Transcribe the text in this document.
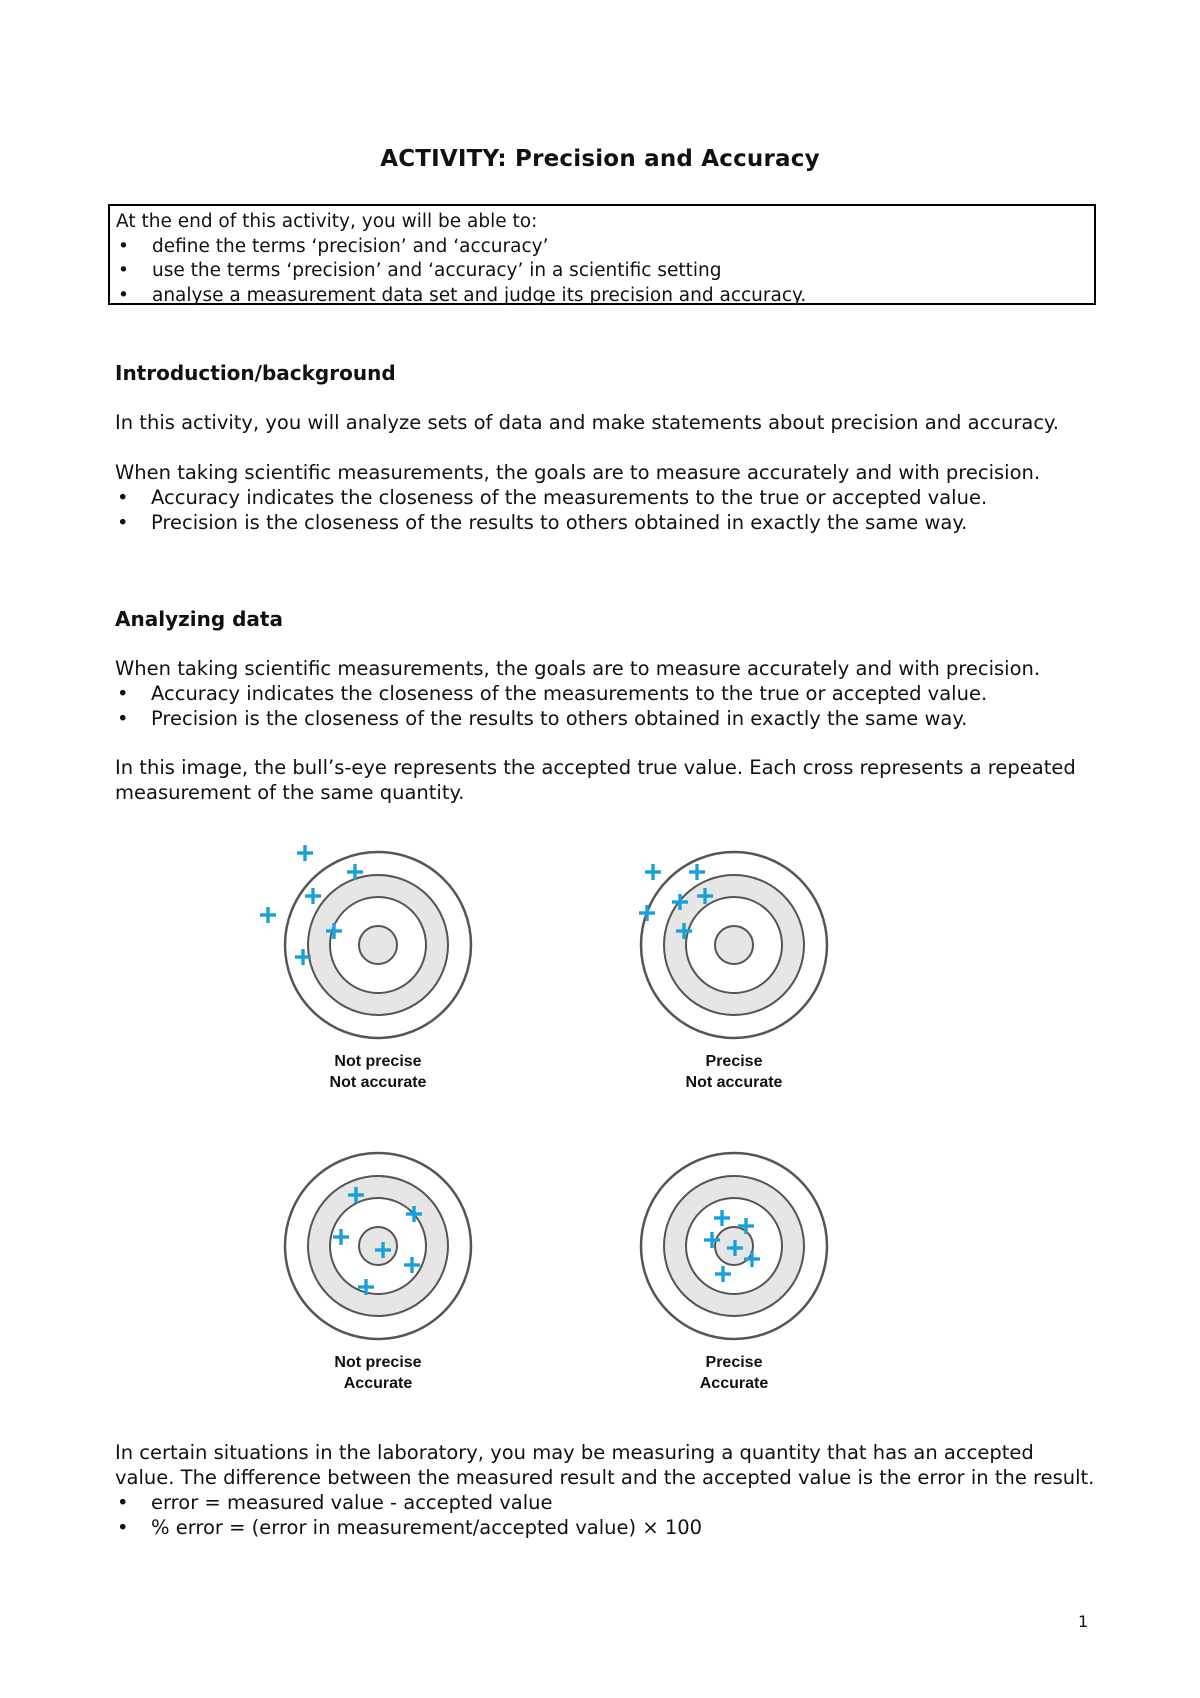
ACTIVITY: Precision and Accuracy

At the end of this activity, you will be able to:

• define the terms ‘precision’ and ‘accuracy’
• use the terms ‘precision’ and ‘accuracy’ in a scientific setting
• analyse a measurement data set and judge its precision and accuracy.

Introduction/background

In this activity, you will analyze sets of data and make statements about precision and accuracy.

When taking scientific measurements, the goals are to measure accurately and with precision.

• Accuracy indicates the closeness of the measurements to the true or accepted value.
• Precision is the closeness of the results to others obtained in exactly the same way.

Analyzing data

When taking scientific measurements, the goals are to measure accurately and with precision.

• Accuracy indicates the closeness of the measurements to the true or accepted value.
• Precision is the closeness of the results to others obtained in exactly the same way.

In this image, the bull’s-eye represents the accepted true value. Each cross represents a repeated measurement of the same quantity.

Not precise
Not accurate
Precise
Not accurate
Not precise
Accurate
Precise
Accurate

In certain situations in the laboratory, you may be measuring a quantity that has an accepted value. The difference between the measured result and the accepted value is the error in the result.

• error = measured value - accepted value
• % error = (error in measurement/accepted value) × 100
1
